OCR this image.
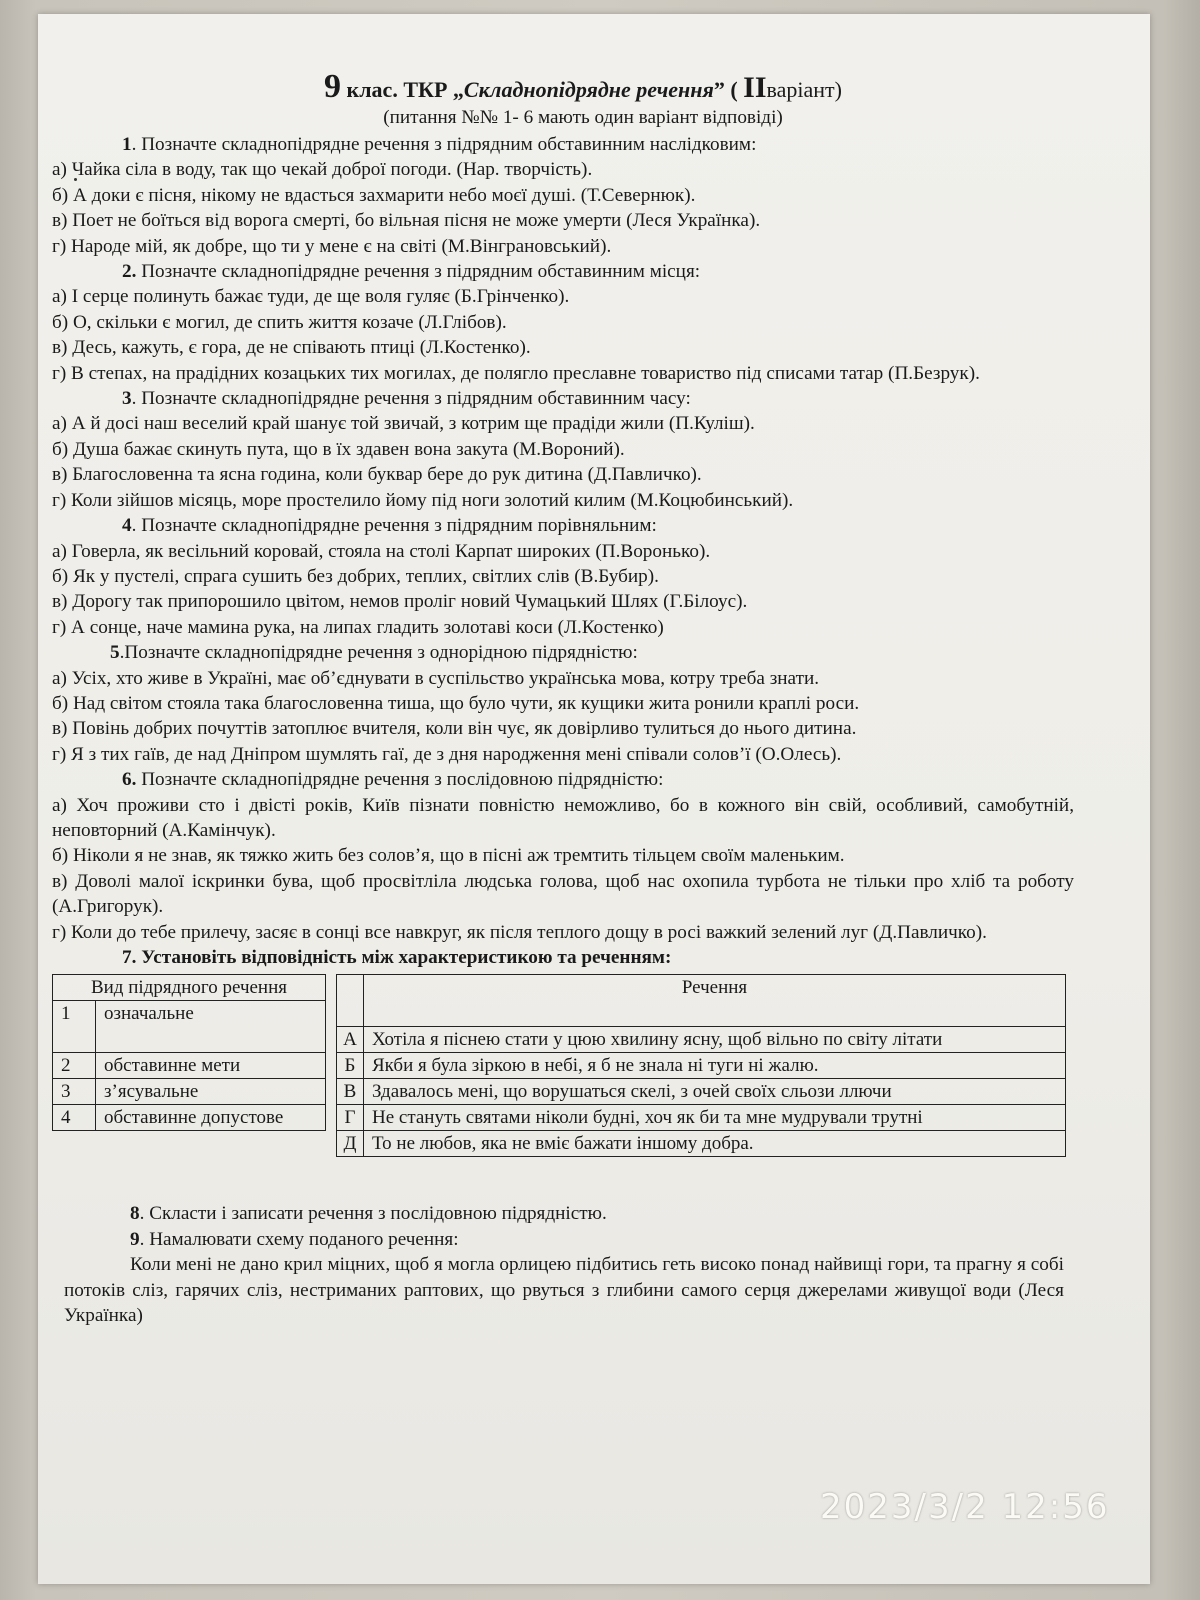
9 клас. ТКР „Складнопідрядне речення” ( IIваріант)
(питання №№ 1- 6 мають один варіант відповіді)
1. Позначте складнопідрядне речення з підрядним обставинним наслідковим:
а) Чайка сіла в воду, так що чекай доброї погоди. (Нар. творчість).
б) А доки є пісня, нікому не вдасться захмарити небо моєї душі. (Т.Севернюк).
в) Поет не боїться від ворога смерті, бо вільная пісня не може умерти (Леся Українка).
г) Народе мій, як добре, що ти у мене є на світі (М.Вінграновський).
2. Позначте складнопідрядне речення з підрядним обставинним місця:
а) І серце полинуть бажає туди, де ще воля гуляє (Б.Грінченко).
б) О, скільки є могил, де спить життя козаче (Л.Глібов).
в) Десь, кажуть, є гора, де не співають птиці (Л.Костенко).
г) В степах, на прадідних козацьких тих могилах, де полягло преславне товариство під списами татар (П.Безрук).
3. Позначте складнопідрядне речення з підрядним обставинним часу:
а) А й досі наш веселий край шанує той звичай, з котрим ще прадіди жили (П.Куліш).
б) Душа бажає скинуть пута, що в їх здавен вона закута (М.Вороний).
в) Благословенна та ясна година, коли буквар бере до рук дитина (Д.Павличко).
г) Коли зійшов місяць, море простелило йому під ноги золотий килим (М.Коцюбинський).
4. Позначте складнопідрядне речення з підрядним порівняльним:
а) Говерла, як весільний коровай, стояла на столі Карпат широких (П.Воронько).
б) Як у пустелі, спрага сушить без добрих, теплих, світлих слів (В.Бубир).
в) Дорогу так припорошило цвітом, немов проліг новий Чумацький Шлях (Г.Білоус).
г) А сонце, наче мамина рука, на липах гладить золотаві коси (Л.Костенко)
5.Позначте складнопідрядне речення з однорідною підрядністю:
а) Усіх, хто живе в Україні, має об’єднувати в суспільство українська мова, котру треба знати.
б) Над світом стояла така благословенна тиша, що було чути, як кущики жита ронили краплі роси.
в) Повінь добрих почуттів затоплює вчителя, коли він чує, як довірливо тулиться до нього дитина.
г) Я з тих гаїв, де над Дніпром шумлять гаї, де з дня народження мені співали солов’ї (О.Олесь).
6. Позначте складнопідрядне речення з послідовною підрядністю:
а) Хоч проживи сто і двісті років, Київ пізнати повністю неможливо, бо в кожного він свій, особливий, самобутній, неповторний (А.Камінчук).
б) Ніколи я не знав, як тяжко жить без солов’я, що в пісні аж тремтить тільцем своїм маленьким.
в) Доволі малої іскринки бува, щоб просвітліла людська голова, щоб нас охопила турбота не тільки про хліб та роботу (А.Григорук).
г) Коли до тебе прилечу, засяє в сонці все навкруг, як після теплого дощу в росі важкий зелений луг (Д.Павличко).
7. Установіть відповідність між характеристикою та реченням:
Вид підрядного речення	
1	означальне
2	обставинне мети
3	з’ясувальне
4	обставинне допустове
	Речення
А	Хотіла я піснею стати у цюю хвилину ясну, щоб вільно по світу літати
Б	Якби я була зіркою в небі, я б не знала ні туги ні жалю.
В	Здавалось мені, що ворушаться скелі, з очей своїх сльози ллючи
Г	Не стануть святами ніколи будні, хоч як би та мне мудрували трутні
Д	То не любов, яка не вміє бажати іншому добра.
8. Скласти і записати речення з послідовною підрядністю.
9. Намалювати схему поданого речення:
Коли мені не дано крил міцних, щоб я могла орлицею підбитись геть високо понад найвищі гори, та прагну я собі потоків сліз, гарячих сліз, нестриманих раптових, що рвуться з глибини самого серця джерелами живущої води (Леся Українка)
2023/3/2 12:56
